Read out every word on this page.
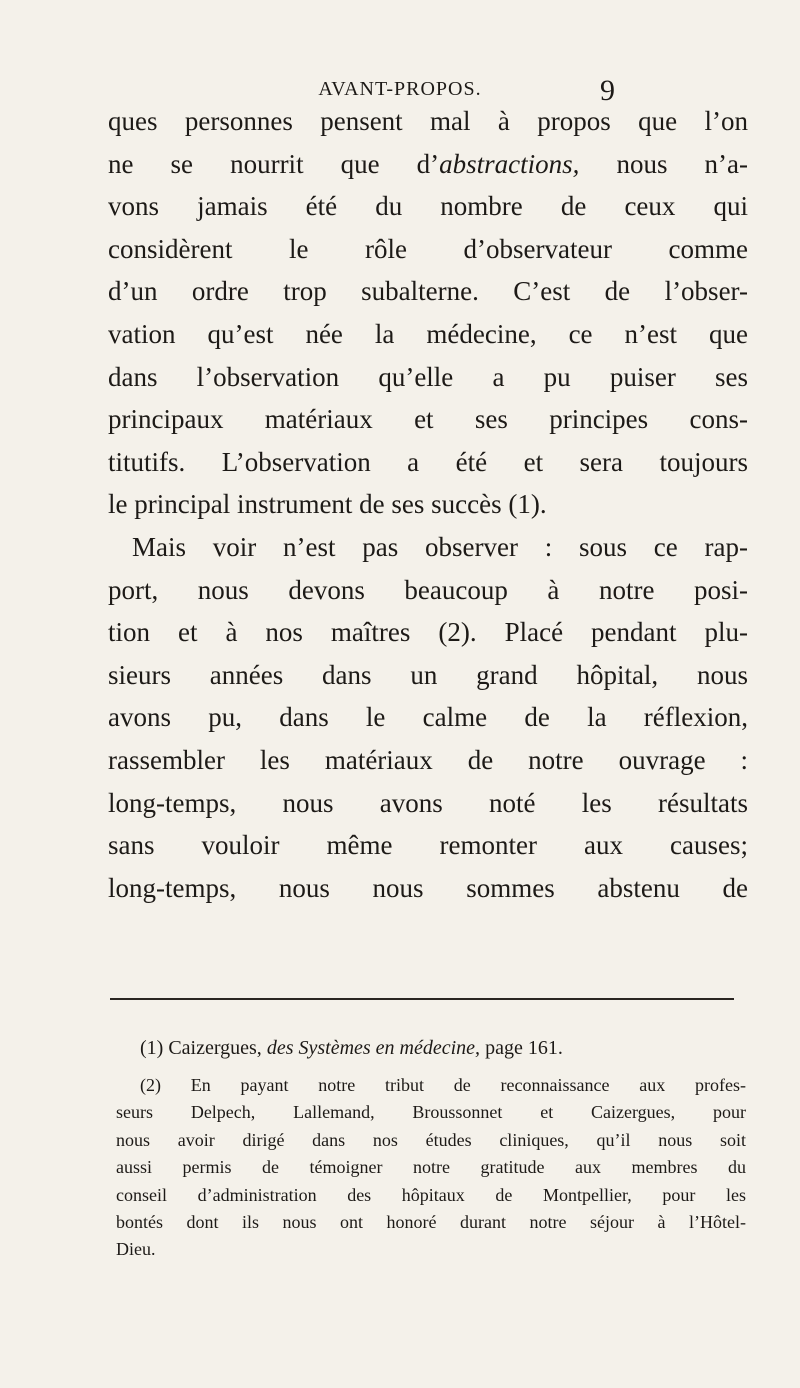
AVANT-PROPOS.	9
ques personnes pensent mal à propos que l’on
ne se nourrit que d’abstractions, nous n’a-
vons jamais été du nombre de ceux qui
considèrent le rôle d’observateur comme
d’un ordre trop subalterne. C’est de l’obser-
vation qu’est née la médecine, ce n’est que
dans l’observation qu’elle a pu puiser ses
principaux matériaux et ses principes cons-
titutifs. L’observation a été et sera toujours
le principal instrument de ses succès (1).
Mais voir n’est pas observer : sous ce rap-
port, nous devons beaucoup à notre posi-
tion et à nos maîtres (2). Placé pendant plu-
sieurs années dans un grand hôpital, nous
avons pu, dans le calme de la réflexion,
rassembler les matériaux de notre ouvrage :
long-temps, nous avons noté les résultats
sans vouloir même remonter aux causes;
long-temps, nous nous sommes abstenu de
(1) Caizergues, des Systèmes en médecine, page 161.
(2) En payant notre tribut de reconnaissance aux profes-
seurs Delpech, Lallemand, Broussonnet et Caizergues, pour
nous avoir dirigé dans nos études cliniques, qu’il nous soit
aussi permis de témoigner notre gratitude aux membres du
conseil d’administration des hôpitaux de Montpellier, pour les
bontés dont ils nous ont honoré durant notre séjour à l’Hôtel-
Dieu.
